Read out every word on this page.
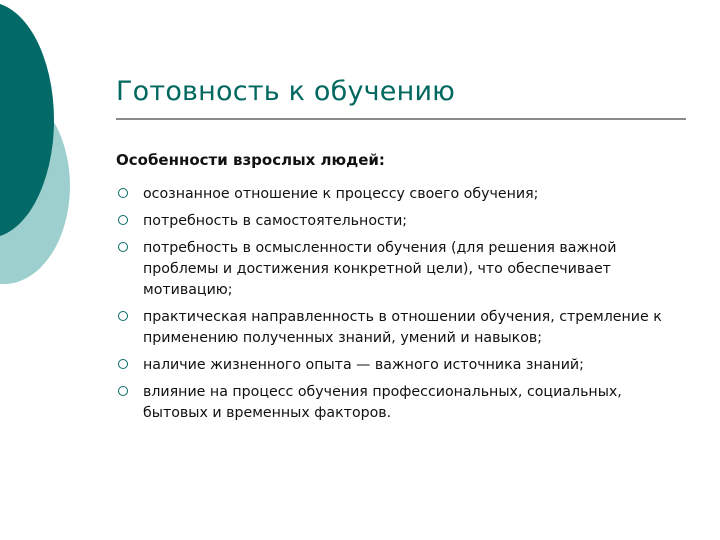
Готовность к обучению
Особенности взрослых людей:
осознанное отношение к процессу своего обучения;
потребность в самостоятельности;
потребность в осмысленности обучения (для решения важной проблемы и достижения конкретной цели), что обеспечивает мотивацию;
практическая направленность в отношении обучения, стремление к применению полученных знаний, умений и навыков;
наличие жизненного опыта — важного источника знаний;
влияние на процесс обучения профессиональных, социальных, бытовых и временных факторов.
